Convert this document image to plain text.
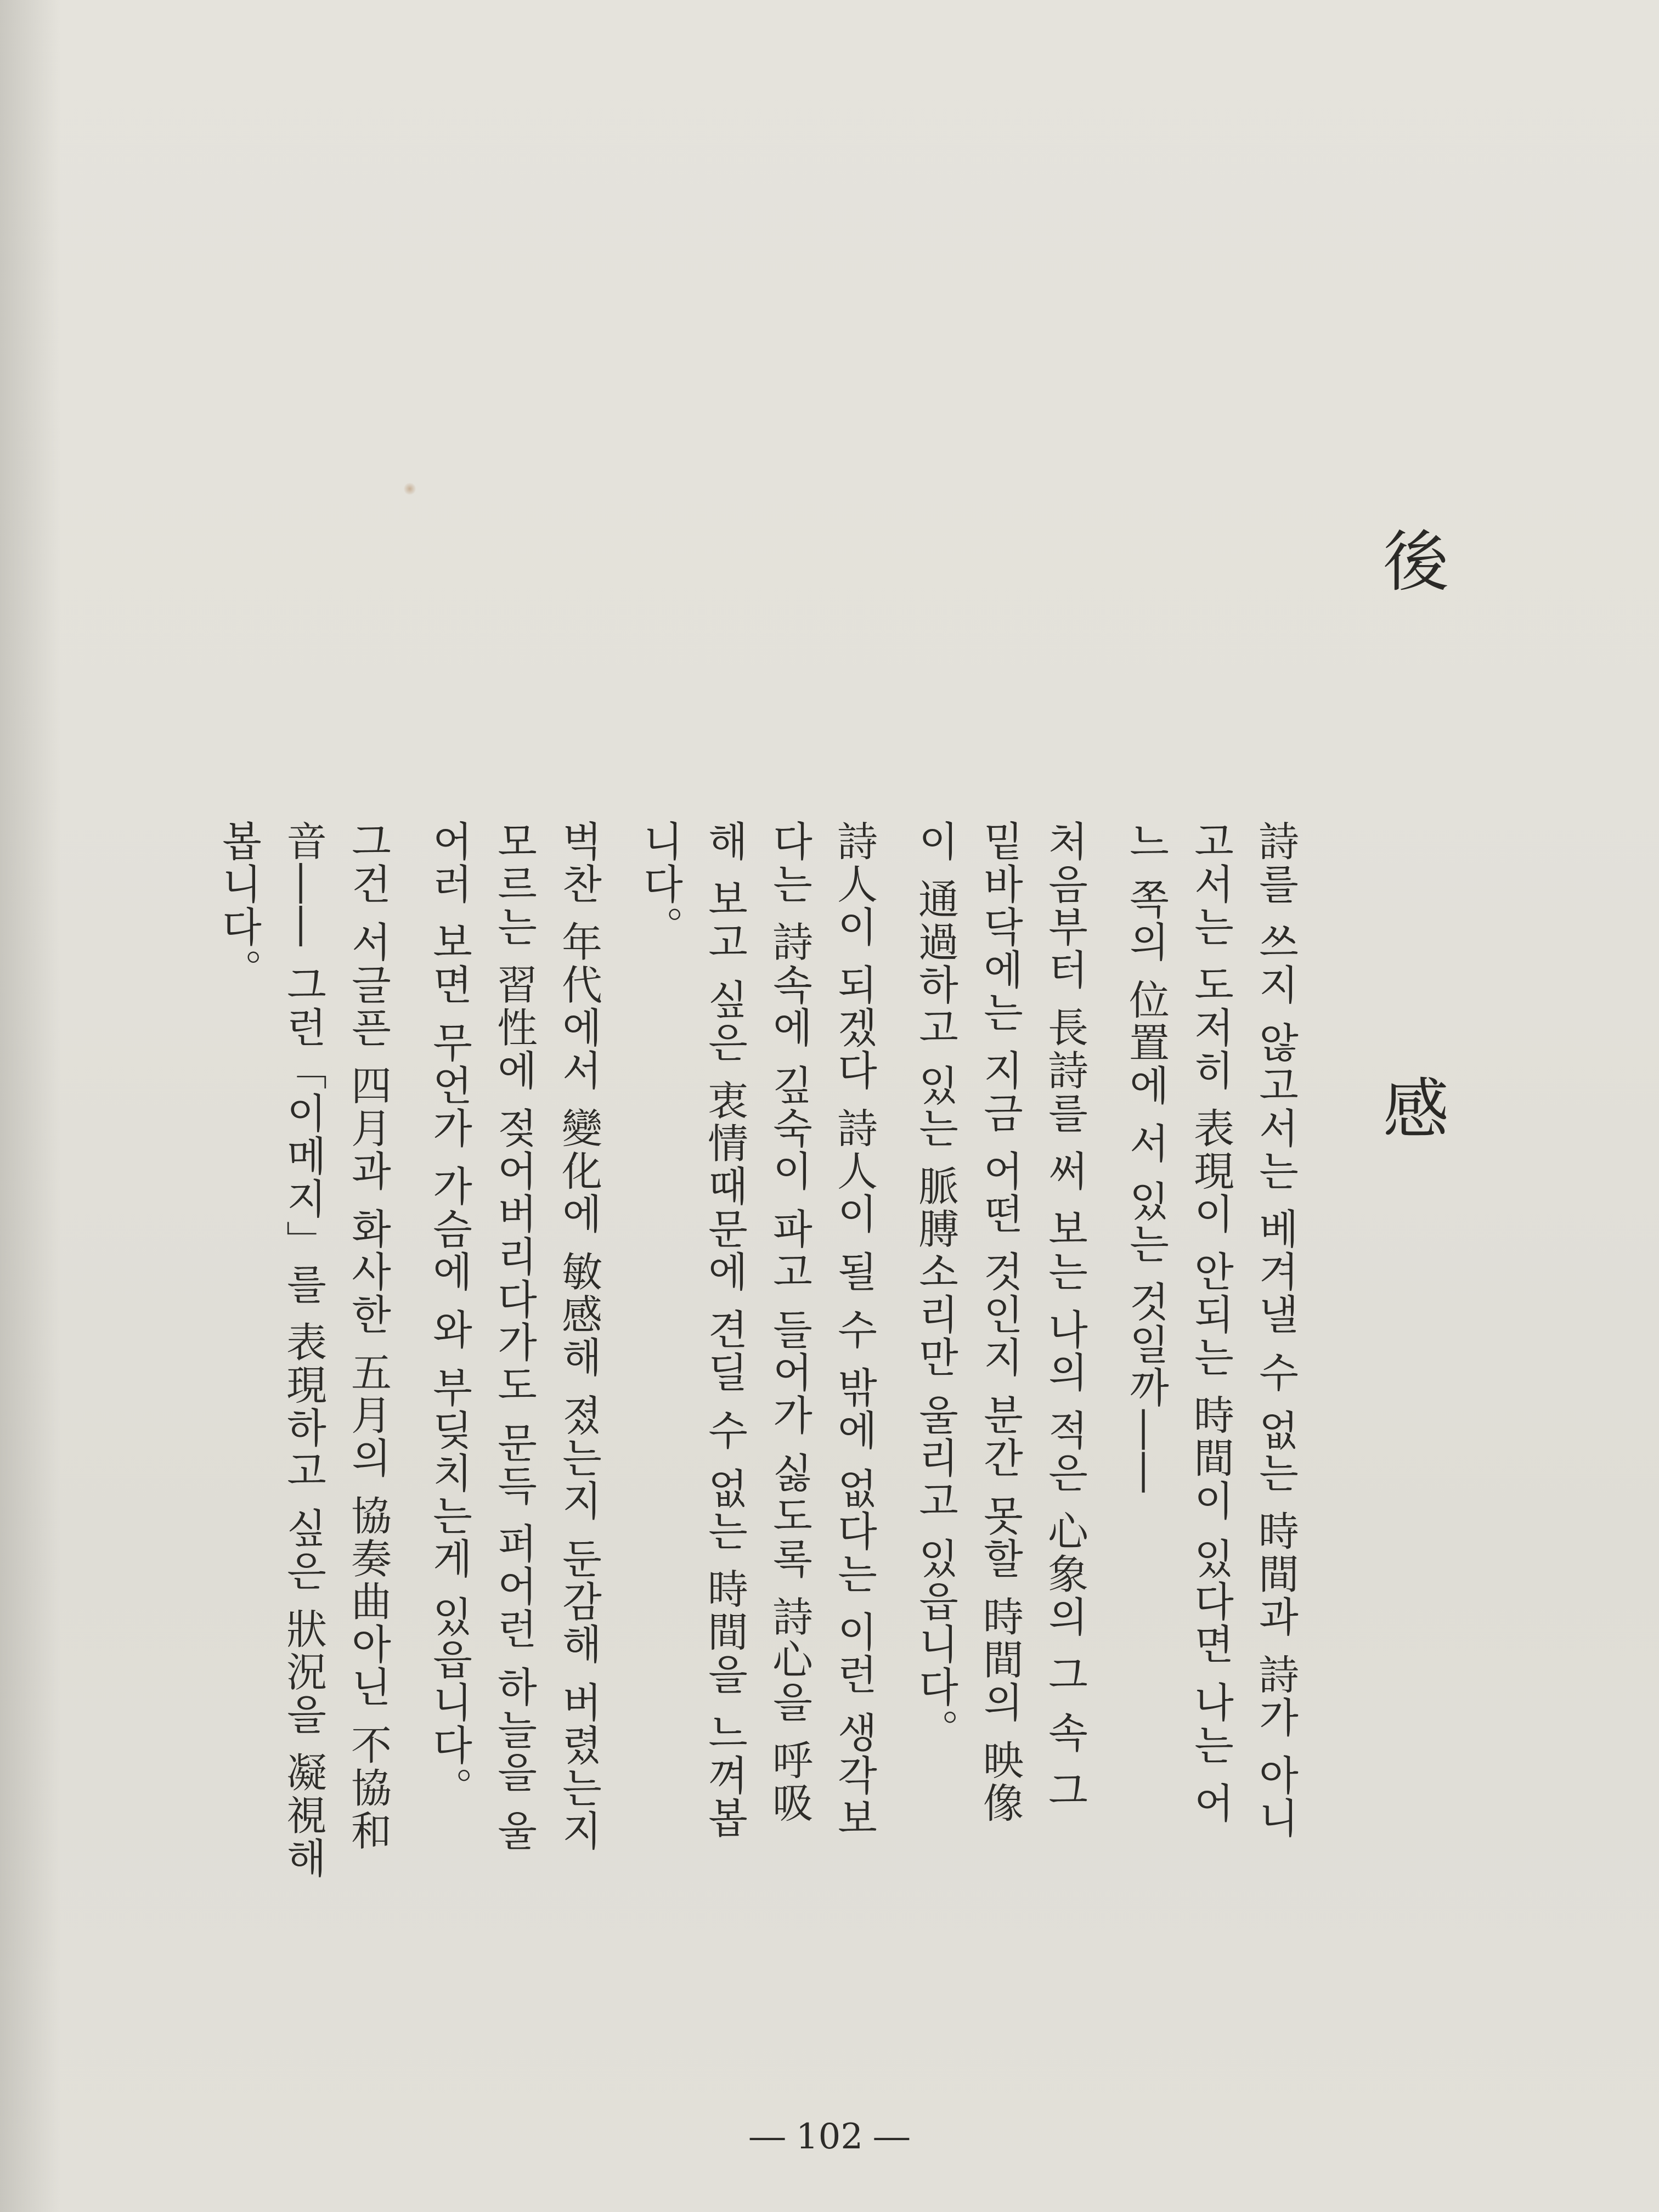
後 感
詩를 쓰지 않고서는 베겨낼 수 없는 時間과 詩가 아니
고서는 도저히 表現이 안되는 時間이 있다면 나는 어
느 쪽의 位置에 서 있는 것일까――
처음부터 長詩를 써 보는 나의 적은 心象의 그 속 그
밑바닥에는 지금 어떤 것인지 분간 못할 時間의 映像
이 通過하고 있는 脈膊소리만 울리고 있읍니다。
詩人이 되겠다 詩人이 될 수 밖에 없다는 이런 생각보
다는 詩속에 깊숙이 파고 들어가 싫도록 詩心을 呼吸
해 보고 싶은 衷情때문에 견딜 수 없는 時間을 느껴봅
니다。
벅찬 年代에서 變化에 敏感해 졌는지 둔감해 버렸는지
모르는 習性에 젖어버리다가도 문득 퍼어런 하늘을 울
어러 보면 무언가 가슴에 와 부딪치는게 있읍니다。
그건 서글픈 四月과 화사한 五月의 協奏曲아닌 不協和
音―― 그런「이메지」를 表現하고 싶은 狀況을 凝視해
봅니다。
― 102 ―
